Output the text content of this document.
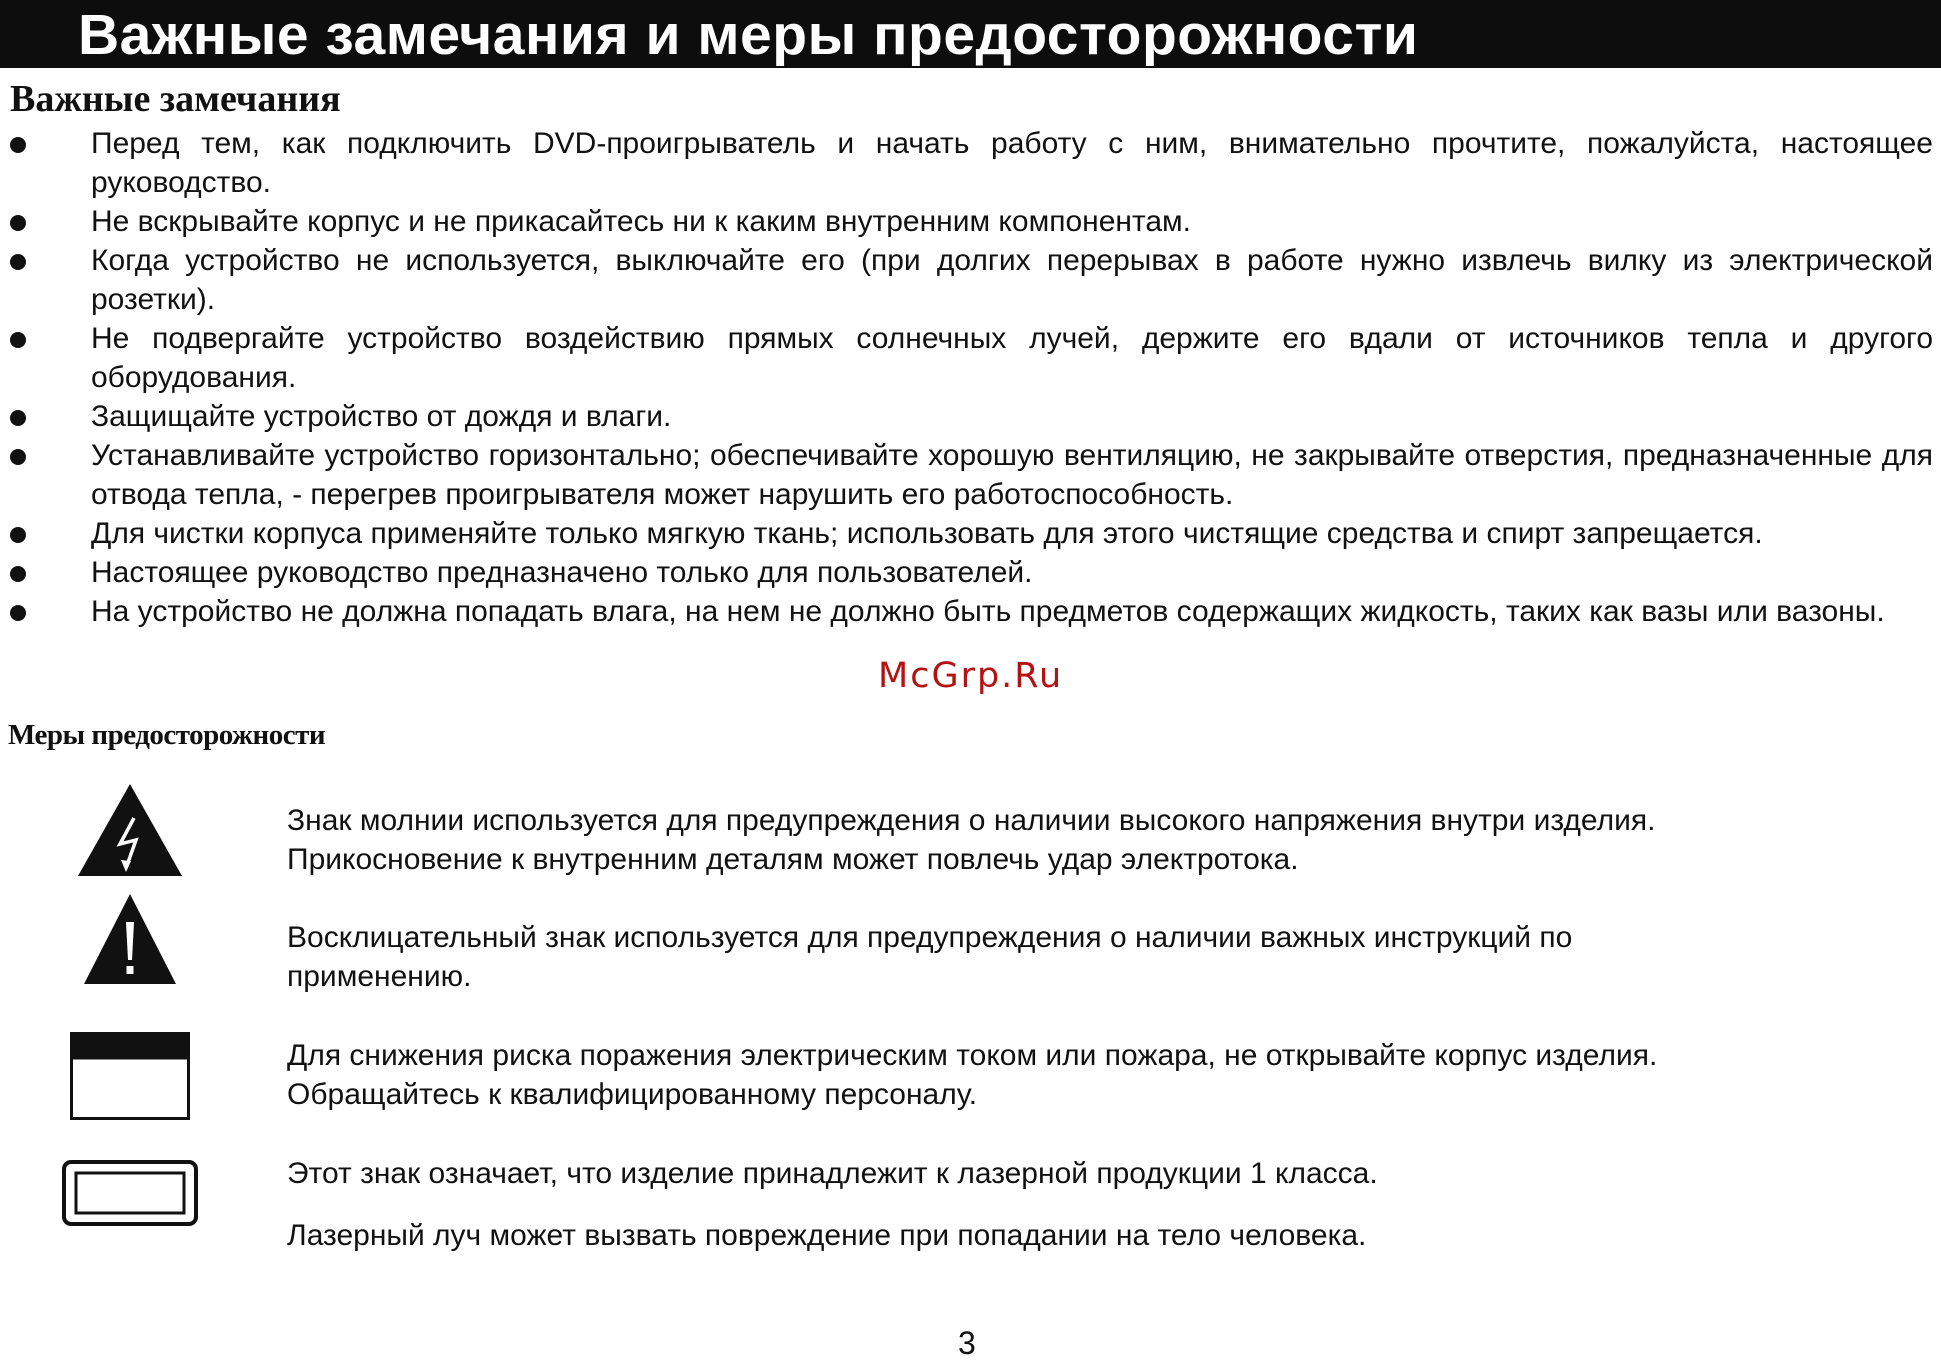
Важные замечания и меры предосторожности
Важные замечания
Перед тем, как подключить DVD-проигрыватель и начать работу с ним, внимательно прочтите, пожалуйста, настоящее руководство.
Не вскрывайте корпус и не прикасайтесь ни к каким внутренним компонентам.
Когда устройство не используется, выключайте его (при долгих перерывах в работе нужно извлечь вилку из электрической розетки).
Не подвергайте устройство воздействию прямых солнечных лучей, держите его вдали от источников тепла и другого оборудования.
Защищайте устройство от дождя и влаги.
Устанавливайте устройство горизонтально; обеспечивайте хорошую вентиляцию, не закрывайте отверстия, предназначенные для отвода тепла, - перегрев проигрывателя может нарушить его работоспособность.
Для чистки корпуса применяйте только мягкую ткань; использовать для этого чистящие средства и спирт запрещается.
Настоящее руководство предназначено только для пользователей.
На устройство не должна попадать влага, на нем не должно быть предметов содержащих жидкость, таких как вазы или вазоны.
McGrp.Ru
Меры предосторожности

Знак молнии используется для предупреждения о наличии высокого напряжения внутри изделия.

Прикосновение к внутренним деталям может повлечь удар электротока.

Восклицательный знак используется для предупреждения о наличии важных инструкций по

применению.

Для снижения риска поражения электрическим током или пожара, не открывайте корпус изделия.

Обращайтесь к квалифицированному персоналу.

Этот знак означает, что изделие принадлежит к лазерной продукции 1 класса.

Лазерный луч может вызвать повреждение при попадании на тело человека.

3
